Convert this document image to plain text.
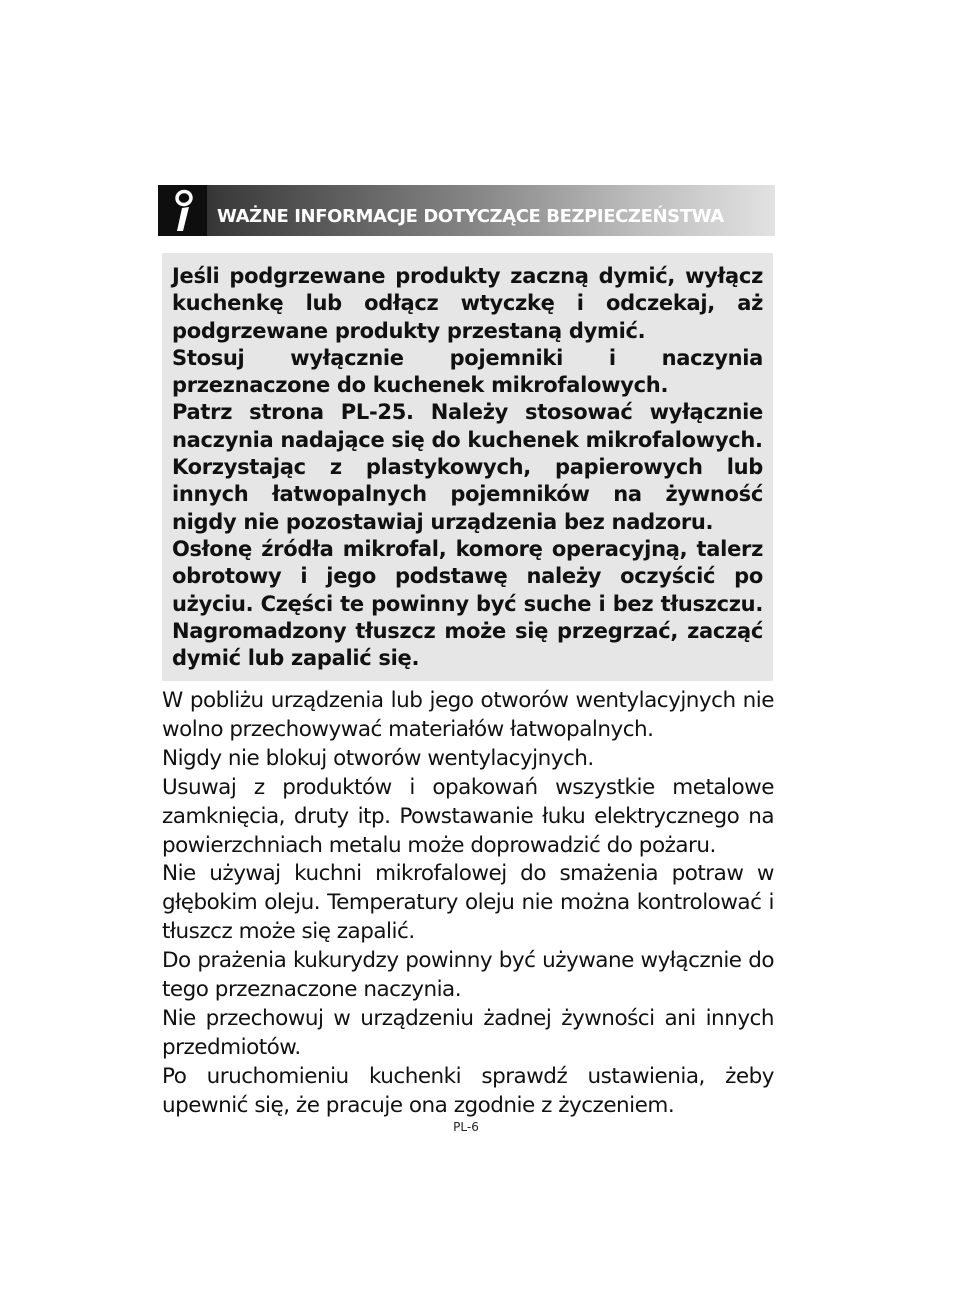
WAŻNE INFORMACJE DOTYCZĄCE BEZPIECZEŃSTWA

Jeśli podgrzewane produkty zaczną dymić, wyłącz kuchenkę lub odłącz wtyczkę i odczekaj, aż podgrzewane produkty przestaną dymić.

Stosuj wyłącznie pojemniki i naczynia przeznaczone do kuchenek mikrofalowych.

Patrz strona PL-25. Należy stosować wyłącznie naczynia nadające się do kuchenek mikrofalowych.

Korzystając z plastykowych, papierowych lub innych łatwopalnych pojemników na żywność nigdy nie pozostawiaj urządzenia bez nadzoru.

Osłonę źródła mikrofal, komorę operacyjną, talerz obrotowy i jego podstawę należy oczyścić po użyciu. Części te powinny być suche i bez tłuszczu. Nagromadzony tłuszcz może się przegrzać, zacząć dymić lub zapalić się.

W pobliżu urządzenia lub jego otworów wentylacyjnych nie wolno przechowywać materiałów łatwopalnych.

Nigdy nie blokuj otworów wentylacyjnych.

Usuwaj z produktów i opakowań wszystkie metalowe zamknięcia, druty itp. Powstawanie łuku elektrycznego na powierzchniach metalu może doprowadzić do pożaru.

Nie używaj kuchni mikrofalowej do smażenia potraw w głębokim oleju. Temperatury oleju nie można kontrolować i tłuszcz może się zapalić.

Do prażenia kukurydzy powinny być używane wyłącznie do tego przeznaczone naczynia.

Nie przechowuj w urządzeniu żadnej żywności ani innych przedmiotów.

Po uruchomieniu kuchenki sprawdź ustawienia, żeby upewnić się, że pracuje ona zgodnie z życzeniem.

PL-6
